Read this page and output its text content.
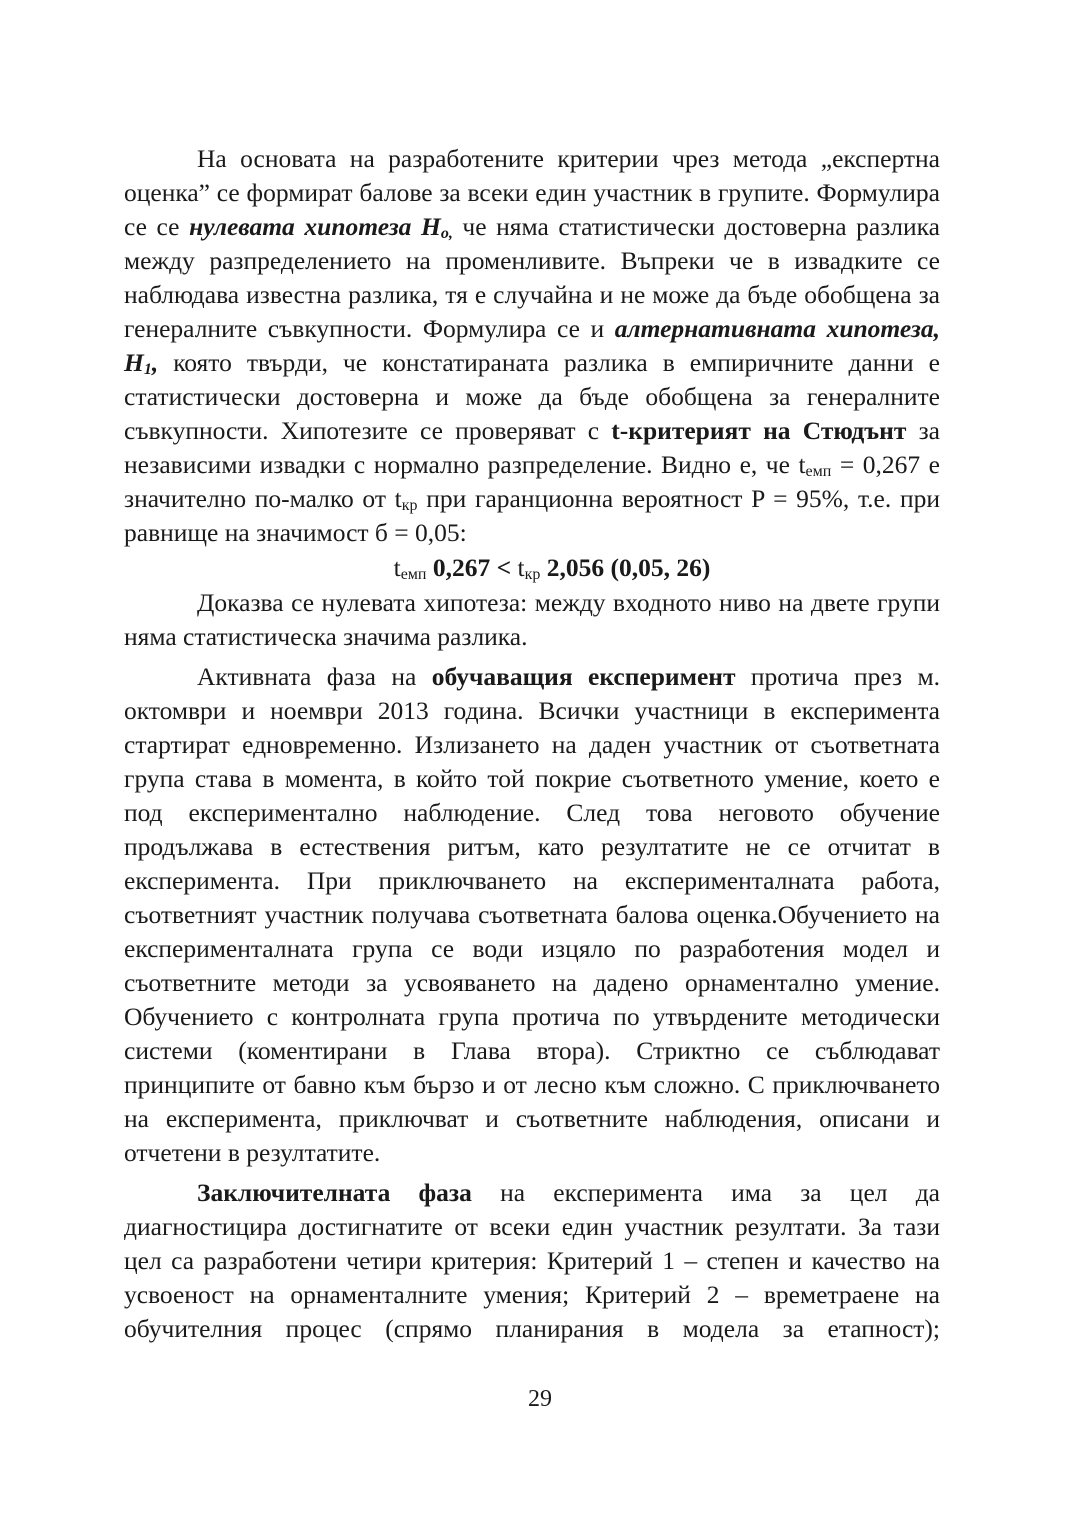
На основата на разработените критерии чрез метода „експертна оценка” се формират балове за всеки един участник в групите. Формулира се се нулевата хипотеза $H_{o,}$ че няма статистически достоверна разлика между разпределението на променливите. Въпреки че в извадките се наблюдава известна разлика, тя е случайна и не може да бъде обобщена за генералните съвкупности. Формулира се и алтернативната хипотеза, $H_1$, която твърди, че констатираната разлика в емпиричните данни е статистически достоверна и може да бъде обобщена за генералните съвкупности. Хипотезите се проверяват с t-критерият на Стюдънт за независими извадки с нормално разпределение. Видно е, че $t_{емп} = 0,267$ е значително по-малко от $t_{кр}$ при гаранционна вероятност P = 95%, т.е. при равнище на значимост б = 0,05:

$t_{емп}$ $0,267 < t_{кр}$ 2,056 (0,05, 26)

Доказва се нулевата хипотеза: между входното ниво на двете групи няма статистическа значима разлика.

Активната фаза на обучаващия експеримент протича през м. октомври и ноември 2013 година. Всички участници в експеримента стартират едновременно. Излизането на даден участник от съответната група става в момента, в който той покрие съответното умение, което е под експериментално наблюдение. След това неговото обучение продължава в естествения ритъм, като резултатите не се отчитат в експеримента. При приключването на експерименталната работа, съответният участник получава съответната балова оценка.Обучението на експерименталната група се води изцяло по разработения модел и съответните методи за усвояването на дадено орнаментално умение. Обучението с контролната група протича по утвърдените методически системи (коментирани в Глава втора). Стриктно се съблюдават принципите от бавно към бързо и от лесно към сложно. С приключването на експеримента, приключват и съответните наблюдения, описани и отчетени в резултатите.

Заключителната фаза на експеримента има за цел да диагностицира достигнатите от всеки един участник резултати. За тази цел са разработени четири критерия: Критерий 1 – степен и качество на усвоеност на орнаменталните умения; Критерий 2 – времетраене на обучителния процес (спрямо планирания в модела за етапност);

29
